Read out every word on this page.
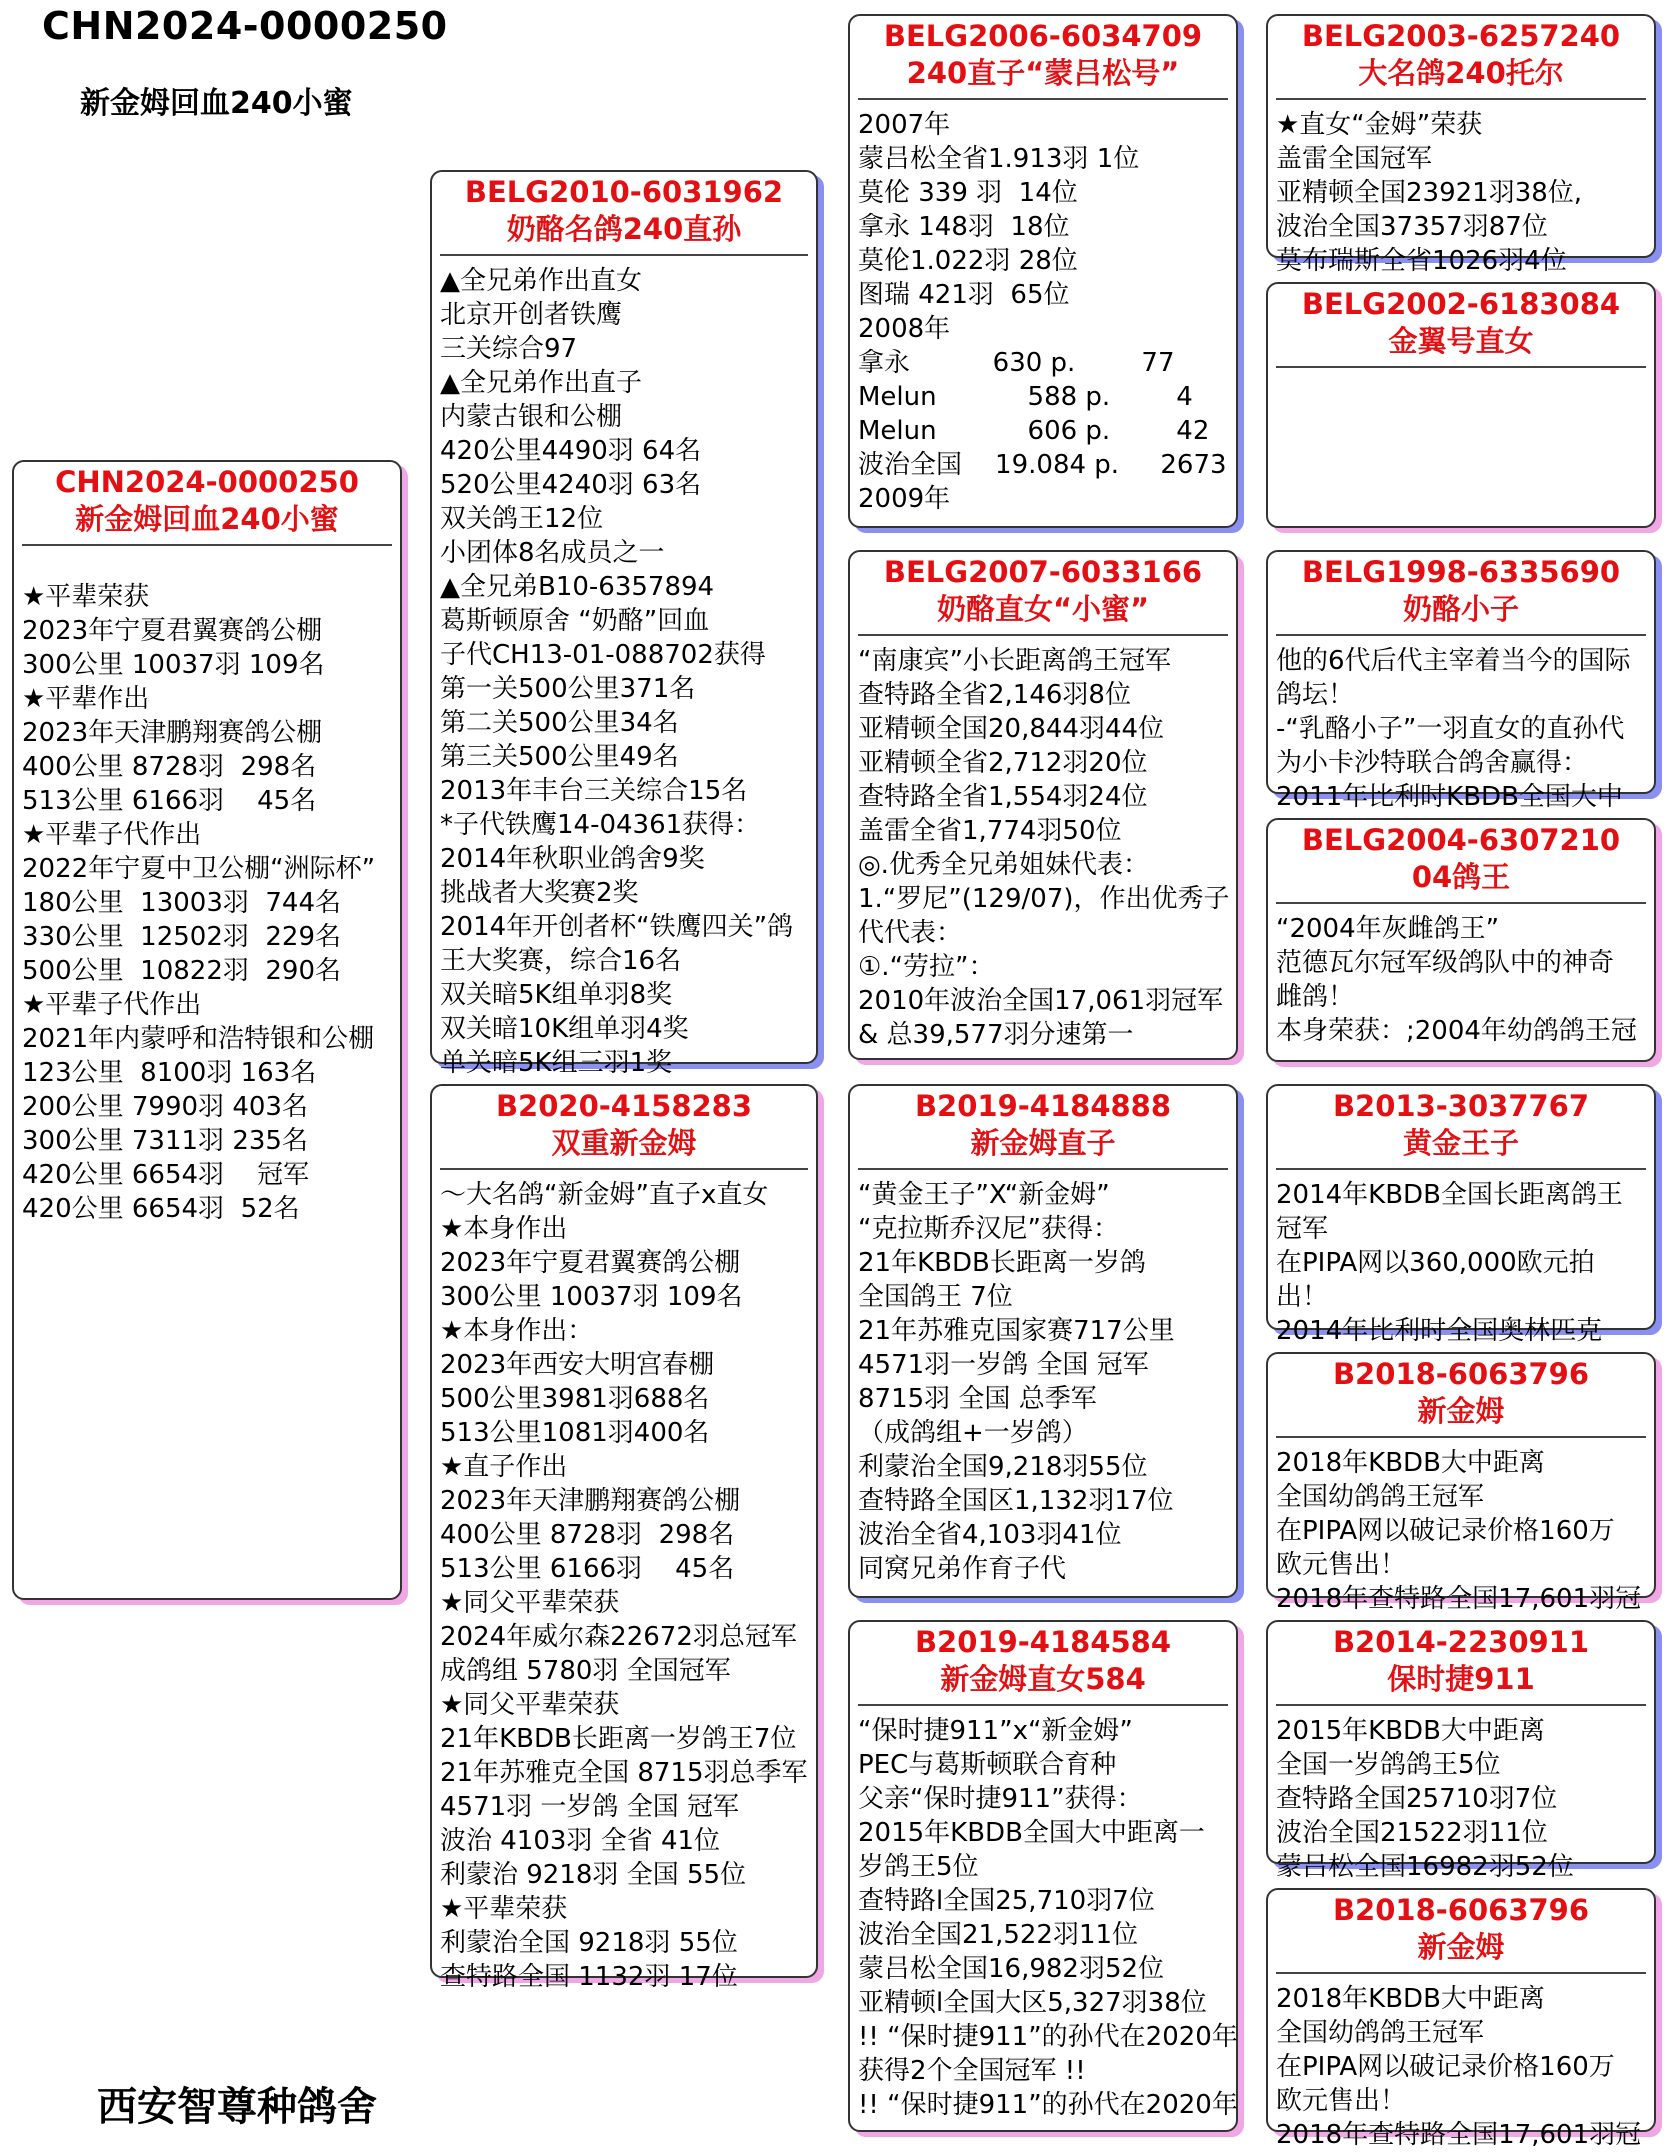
CHN2024-0000250
新金姆回血240小蜜
CHN2024-0000250
新金姆回血240小蜜
★平辈荣获
2023年宁夏君翼赛鸽公棚
300公里 10037羽 109名
★平辈作出
2023年天津鹏翔赛鸽公棚
400公里 8728羽  298名
513公里 6166羽    45名
★平辈子代作出
2022年宁夏中卫公棚“洲际杯”
180公里  13003羽  744名
330公里  12502羽  229名
500公里  10822羽  290名
★平辈子代作出
2021年内蒙呼和浩特银和公棚
123公里  8100羽 163名
200公里 7990羽 403名
300公里 7311羽 235名
420公里 6654羽    冠军
420公里 6654羽  52名
BELG2010-6031962
奶酪名鸽240直孙
▲全兄弟作出直女
北京开创者铁鹰
三关综合97
▲全兄弟作出直子
内蒙古银和公棚
420公里4490羽 64名
520公里4240羽 63名
双关鸽王12位
小团体8名成员之一
▲全兄弟B10-6357894
葛斯顿原舍 “奶酪”回血
子代CH13-01-088702获得
第一关500公里371名
第二关500公里34名
第三关500公里49名
2013年丰台三关综合15名
*子代铁鹰14-04361获得：
2014年秋职业鸽舍9奖
挑战者大奖赛2奖
2014年开创者杯“铁鹰四关”鸽
王大奖赛，综合16名
双关暗5K组单羽8奖
双关暗10K组单羽4奖
单关暗5K组三羽1奖
B2020-4158283
双重新金姆
～大名鸽“新金姆”直子x直女
★本身作出
2023年宁夏君翼赛鸽公棚
300公里 10037羽 109名
★本身作出：
2023年西安大明宫春棚
500公里3981羽688名
513公里1081羽400名
★直子作出
2023年天津鹏翔赛鸽公棚
400公里 8728羽  298名
513公里 6166羽    45名
★同父平辈荣获
2024年威尔森22672羽总冠军
成鸽组 5780羽 全国冠军
★同父平辈荣获
21年KBDB长距离一岁鸽王7位
21年苏雅克全国 8715羽总季军
4571羽 一岁鸽 全国 冠军
波治 4103羽 全省 41位
利蒙治 9218羽 全国 55位
★平辈荣获
利蒙治全国 9218羽 55位
查特路全国 1132羽 17位
BELG2006-6034709
240直子“蒙吕松号”
2007年
蒙吕松全省1.913羽 1位
莫伦 339 羽  14位
拿永 148羽  18位
莫伦1.022羽 28位
图瑞 421羽  65位
2008年
拿永          630 p.        77
Melun           588 p.        4
Melun           606 p.        42
波治全国    19.084 p.     2673
2009年
BELG2007-6033166
奶酪直女“小蜜”
“南康宾”小长距离鸽王冠军
查特路全省2,146羽8位
亚精顿全国20,844羽44位
亚精顿全省2,712羽20位
查特路全省1,554羽24位
盖雷全省1,774羽50位
◎.优秀全兄弟姐妹代表：
1.“罗尼”(129/07)，作出优秀子
代代表：
①.“劳拉”：
2010年波治全国17,061羽冠军
& 总39,577羽分速第一
B2019-4184888
新金姆直子
“黄金王子”X“新金姆”
“克拉斯乔汉尼”获得：
21年KBDB长距离一岁鸽
全国鸽王 7位
21年苏雅克国家赛717公里
4571羽一岁鸽 全国 冠军
8715羽 全国 总季军
（成鸽组+一岁鸽）
利蒙治全国9,218羽55位
查特路全国区1,132羽17位
波治全省4,103羽41位
同窝兄弟作育子代
B2019-4184584
新金姆直女584
“保时捷911”x“新金姆”
PEC与葛斯顿联合育种
父亲“保时捷911”获得：
2015年KBDB全国大中距离一
岁鸽王5位
查特路l全国25,710羽7位
波治全国21,522羽11位
蒙吕松全国16,982羽52位
亚精顿l全国大区5,327羽38位
!! “保时捷911”的孙代在2020年
获得2个全国冠军 !!
!! “保时捷911”的孙代在2020年
BELG2003-6257240
大名鸽240托尔
★直女“金姆”荣获
盖雷全国冠军
亚精顿全国23921羽38位,
波治全国37357羽87位
莫布瑞斯全省1026羽4位
BELG2002-6183084
金翼号直女
BELG1998-6335690
奶酪小子
他的6代后代主宰着当今的国际
鸽坛！
-“乳酪小子”一羽直女的直孙代
为小卡沙特联合鸽舍赢得：
2011年比利时KBDB全国大中
BELG2004-6307210
04鸽王
“2004年灰雌鸽王”
范德瓦尔冠军级鸽队中的神奇
雌鸽！
本身荣获：;2004年幼鸽鸽王冠
B2013-3037767
黄金王子
2014年KBDB全国长距离鸽王
冠军
在PIPA网以360,000欧元拍
出！
2014年比利时全国奥林匹克
B2018-6063796
新金姆
2018年KBDB大中距离
全国幼鸽鸽王冠军
在PIPA网以破记录价格160万
欧元售出！
2018年查特路全国17,601羽冠
B2014-2230911
保时捷911
2015年KBDB大中距离
全国一岁鸽鸽王5位
查特路全国25710羽7位
波治全国21522羽11位
蒙吕松全国16982羽52位
B2018-6063796
新金姆
2018年KBDB大中距离
全国幼鸽鸽王冠军
在PIPA网以破记录价格160万
欧元售出！
2018年查特路全国17,601羽冠
西安智尊种鸽舍
